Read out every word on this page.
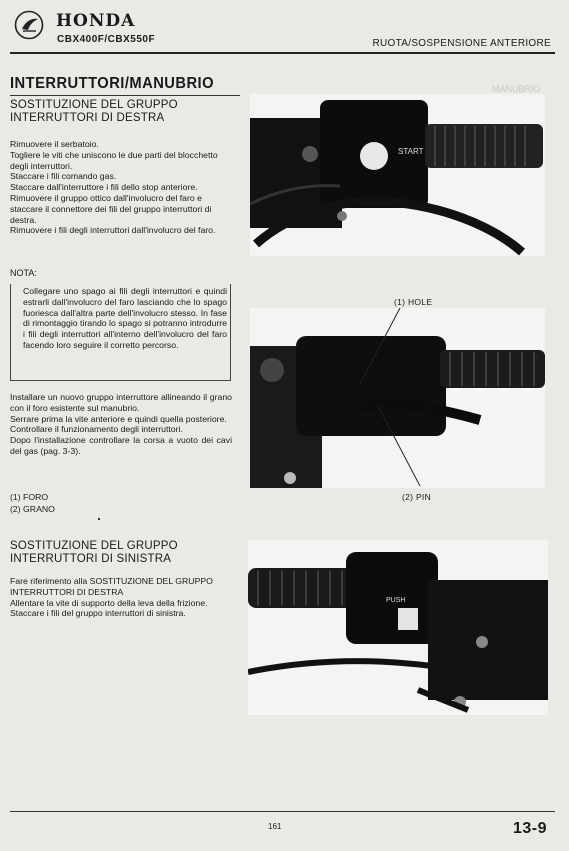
HONDA
CBX400F/CBX550F	RUOTA/SOSPENSIONE ANTERIORE
MANUBRIO
INTERRUTTORI/MANUBRIO
SOSTITUZIONE DEL GRUPPO
INTERRUTTORI DI DESTRA
Rimuovere il serbatoio.
Togliere le viti che uniscono le due parti del blocchetto degli interruttori.
Staccare i fili comando gas.
Staccare dall'interruttore i fili dello stop anteriore.
Rimuovere il gruppo ottico dall'involucro del faro e staccare il connettore dei fili del gruppo interruttori di destra.
Rimuovere i fili degli interruttori dall'involucro del faro.
NOTA:
Collegare uno spago ai fili degli interruttori e quindi estrarli dall'involucro del faro lasciando che lo spago fuoriesca dall'altra parte dell'involucro stesso. In fase di rimontaggio tirando lo spago si potranno introdurre i fili degli interruttori all'interno dell'involucro del faro facendo loro seguire il corretto percorso.
Installare un nuovo gruppo interruttore allineando il grano con il foro esistente sul manubrio.
Serrare prima la vite anteriore e quindi quella posteriore.
Controllare il funzionamento degli interruttori.
Dopo l'installazione controllare la corsa a vuoto dei cavi del gas (pag. 3-3).
(1) FORO
(2) GRANO
SOSTITUZIONE DEL GRUPPO
INTERRUTTORI DI SINISTRA
Fare riferimento alla SOSTITUZIONE DEL GRUPPO INTERRUTTORI DI DESTRA
Allentare la vite di supporto della leva della frizione.
Staccare i fili del gruppo interruttori di sinistra.
START
(1) HOLE
(2) PIN
PUSH
161	13-9
